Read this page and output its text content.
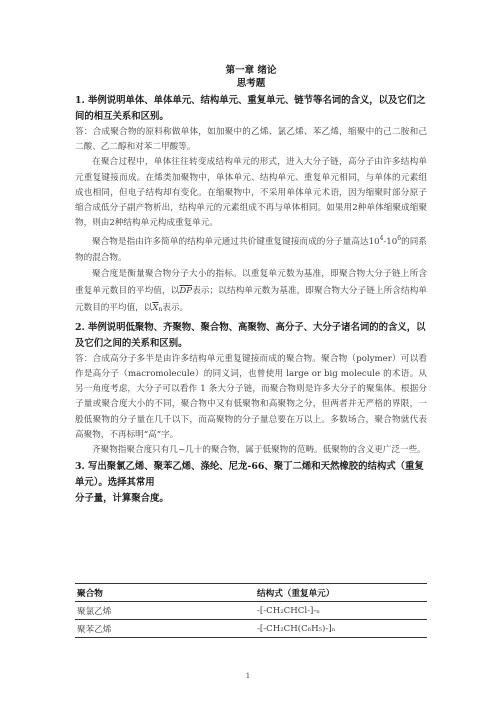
第一章 绪论
思考题

1. 举例说明单体、单体单元、结构单元、重复单元、链节等名词的含义，以及它们之间的相互关系和区别。

答：合成聚合物的原料称做单体，如加聚中的乙烯、氯乙烯、苯乙烯，缩聚中的己二胺和己二酸、乙二醇和对苯二甲酸等。

在聚合过程中，单体往往转变成结构单元的形式，进入大分子链，高分子由许多结构单元重复键接而成。在烯类加聚物中，单体单元、结构单元、重复单元相同，与单体的元素组成也相同，但电子结构却有变化。在缩聚物中，不采用单体单元术语，因为缩聚时部分原子缩合成低分子副产物析出，结构单元的元素组成不再与单体相同。如果用2种单体缩聚成缩聚物，则由2种结构单元构成重复单元。

聚合物是指由许多简单的结构单元通过共价键重复键接而成的分子量高达$10^4-10^6$的同系物的混合物。

聚合度是衡量聚合物分子大小的指标。以重复单元数为基准，即聚合物大分子链上所含重复单元数目的平均值，以$\overline{DP}$表示；以结构单元数为基准，即聚合物大分子链上所含结构单元数目的平均值，以$\overline{X}n$表示。

2. 举例说明低聚物、齐聚物、聚合物、高聚物、高分子、大分子诸名词的的含义，以及它们之间的关系和区别。

答：合成高分子多半是由许多结构单元重复键接而成的聚合物。聚合物（polymer）可以看作是高分子（macromolecule）的同义词，也曾使用 large or big molecule 的术语。从另一角度考虑，大分子可以看作 1 条大分子链，而聚合物则是许多大分子的聚集体。根据分子量或聚合度大小的不同，聚合物中又有低聚物和高聚物之分，但两者并无严格的界限，一般低聚物的分子量在几千以下，而高聚物的分子量总要在万以上。多数场合，聚合物就代表高聚物，不再标明“高”字。

齐聚物指聚合度只有几~几十的聚合物，属于低聚物的范畴。低聚物的含义更广泛一些。

3. 写出聚氯乙烯、聚苯乙烯、涤纶、尼龙-66、聚丁二烯和天然橡胶的结构式（重复单元）。选择其常用
分子量，计算聚合度。

聚合物	结构式（重复单元）
聚氯乙烯	-[-CH₂CHCl-]-ₙ
聚苯乙烯	-[-CH₂CH(C₆H₅)-]ₙ
1
